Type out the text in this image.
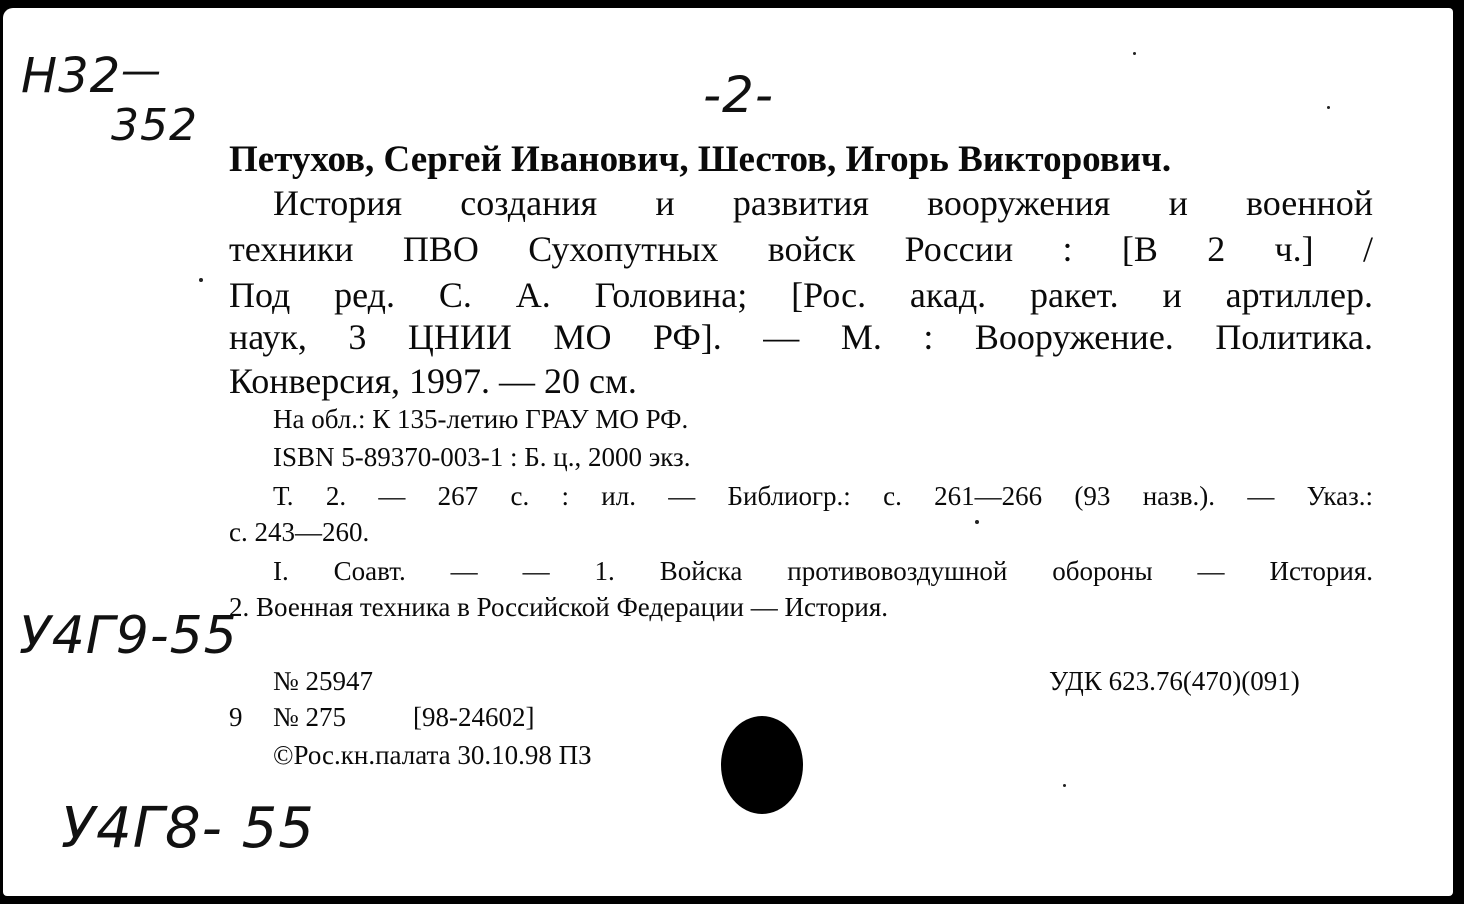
Н32 —
352
-2-
У4Г9-55
У4Г8- 55
Петухов, Сергей Иванович, Шестов, Игорь Викторович.
История создания и развития вооружения и военной
техники ПВО Сухопутных войск России : [В 2 ч.] /
Под ред. С. А. Головина; [Рос. акад. ракет. и артиллер.
наук, 3 ЦНИИ МО РФ]. — М. : Вооружение. Политика.
Конверсия, 1997. — 20 см.
На обл.: К 135-летию ГРАУ МО РФ.
ISBN 5-89370-003-1 : Б. ц., 2000 экз.
Т. 2. — 267 с. : ил. — Библиогр.: с. 261—266 (93 назв.). — Указ.:
с. 243—260.
I. Соавт. — — 1. Войска противовоздушной обороны — История.
2. Военная техника в Российской Федерации — История.
№ 25947	УДК 623.76(470)(091)
9 № 275 [98-24602]
©Рос.кн.палата 30.10.98 ПЗ
